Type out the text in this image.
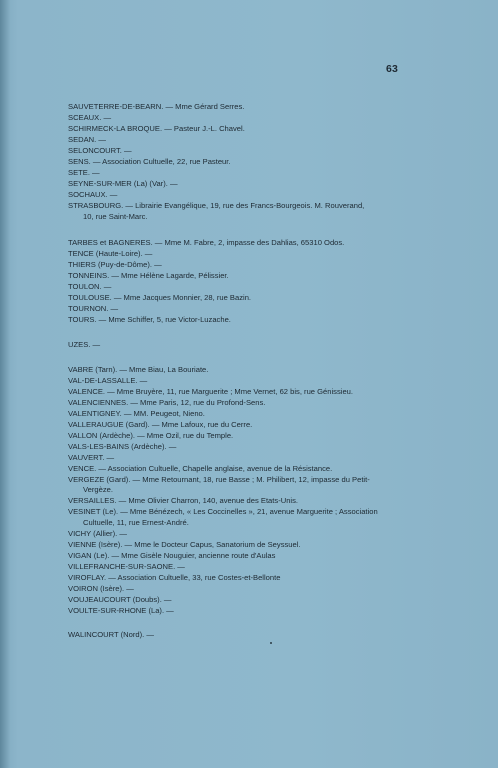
63
SAUVETERRE-DE-BEARN. — Mme Gérard Serres.
SCEAUX. —
SCHIRMECK-LA BROQUE. — Pasteur J.-L. Chavel.
SEDAN. —
SELONCOURT. —
SENS. — Association Cultuelle, 22, rue Pasteur.
SETE. —
SEYNE-SUR-MER (La) (Var). —
SOCHAUX. —
STRASBOURG. — Librairie Evangélique, 19, rue des Francs-Bourgeois. M. Rouverand,
10, rue Saint-Marc.
TARBES et BAGNERES. — Mme M. Fabre, 2, impasse des Dahlias, 65310 Odos.
TENCE (Haute-Loire). —
THIERS (Puy-de-Dôme). —
TONNEINS. — Mme Hélène Lagarde, Pélissier.
TOULON. —
TOULOUSE. — Mme Jacques Monnier, 28, rue Bazin.
TOURNON. —
TOURS. — Mme Schiffer, 5, rue Victor-Luzache.
UZES. —
VABRE (Tarn). — Mme Biau, La Bouriate.
VAL-DE-LASSALLE. —
VALENCE. — Mme Bruyère, 11, rue Marguerite ; Mme Vernet, 62 bis, rue Génissieu.
VALENCIENNES. — Mme Paris, 12, rue du Profond-Sens.
VALENTIGNEY. — MM. Peugeot, Nieno.
VALLERAUGUE (Gard). — Mme Lafoux, rue du Cerre.
VALLON (Ardèche). — Mme Ozil, rue du Temple.
VALS-LES-BAINS (Ardèche). —
VAUVERT. —
VENCE. — Association Cultuelle, Chapelle anglaise, avenue de la Résistance.
VERGEZE (Gard). — Mme Retournant, 18, rue Basse ; M. Philibert, 12, impasse du Petit-
Vergèze.
VERSAILLES. — Mme Olivier Charron, 140, avenue des Etats-Unis.
VESINET (Le). — Mme Bénézech, « Les Coccinelles », 21, avenue Marguerite ; Association
Cultuelle, 11, rue Ernest-André.
VICHY (Allier). —
VIENNE (Isère). — Mme le Docteur Capus, Sanatorium de Seyssuel.
VIGAN (Le). — Mme Gisèle Nouguier, ancienne route d'Aulas
VILLEFRANCHE-SUR-SAONE. —
VIROFLAY. — Association Cultuelle, 33, rue Costes-et-Bellonte
VOIRON (Isère). —
VOUJEAUCOURT (Doubs). —
VOULTE-SUR-RHONE (La). —
WALINCOURT (Nord). —
